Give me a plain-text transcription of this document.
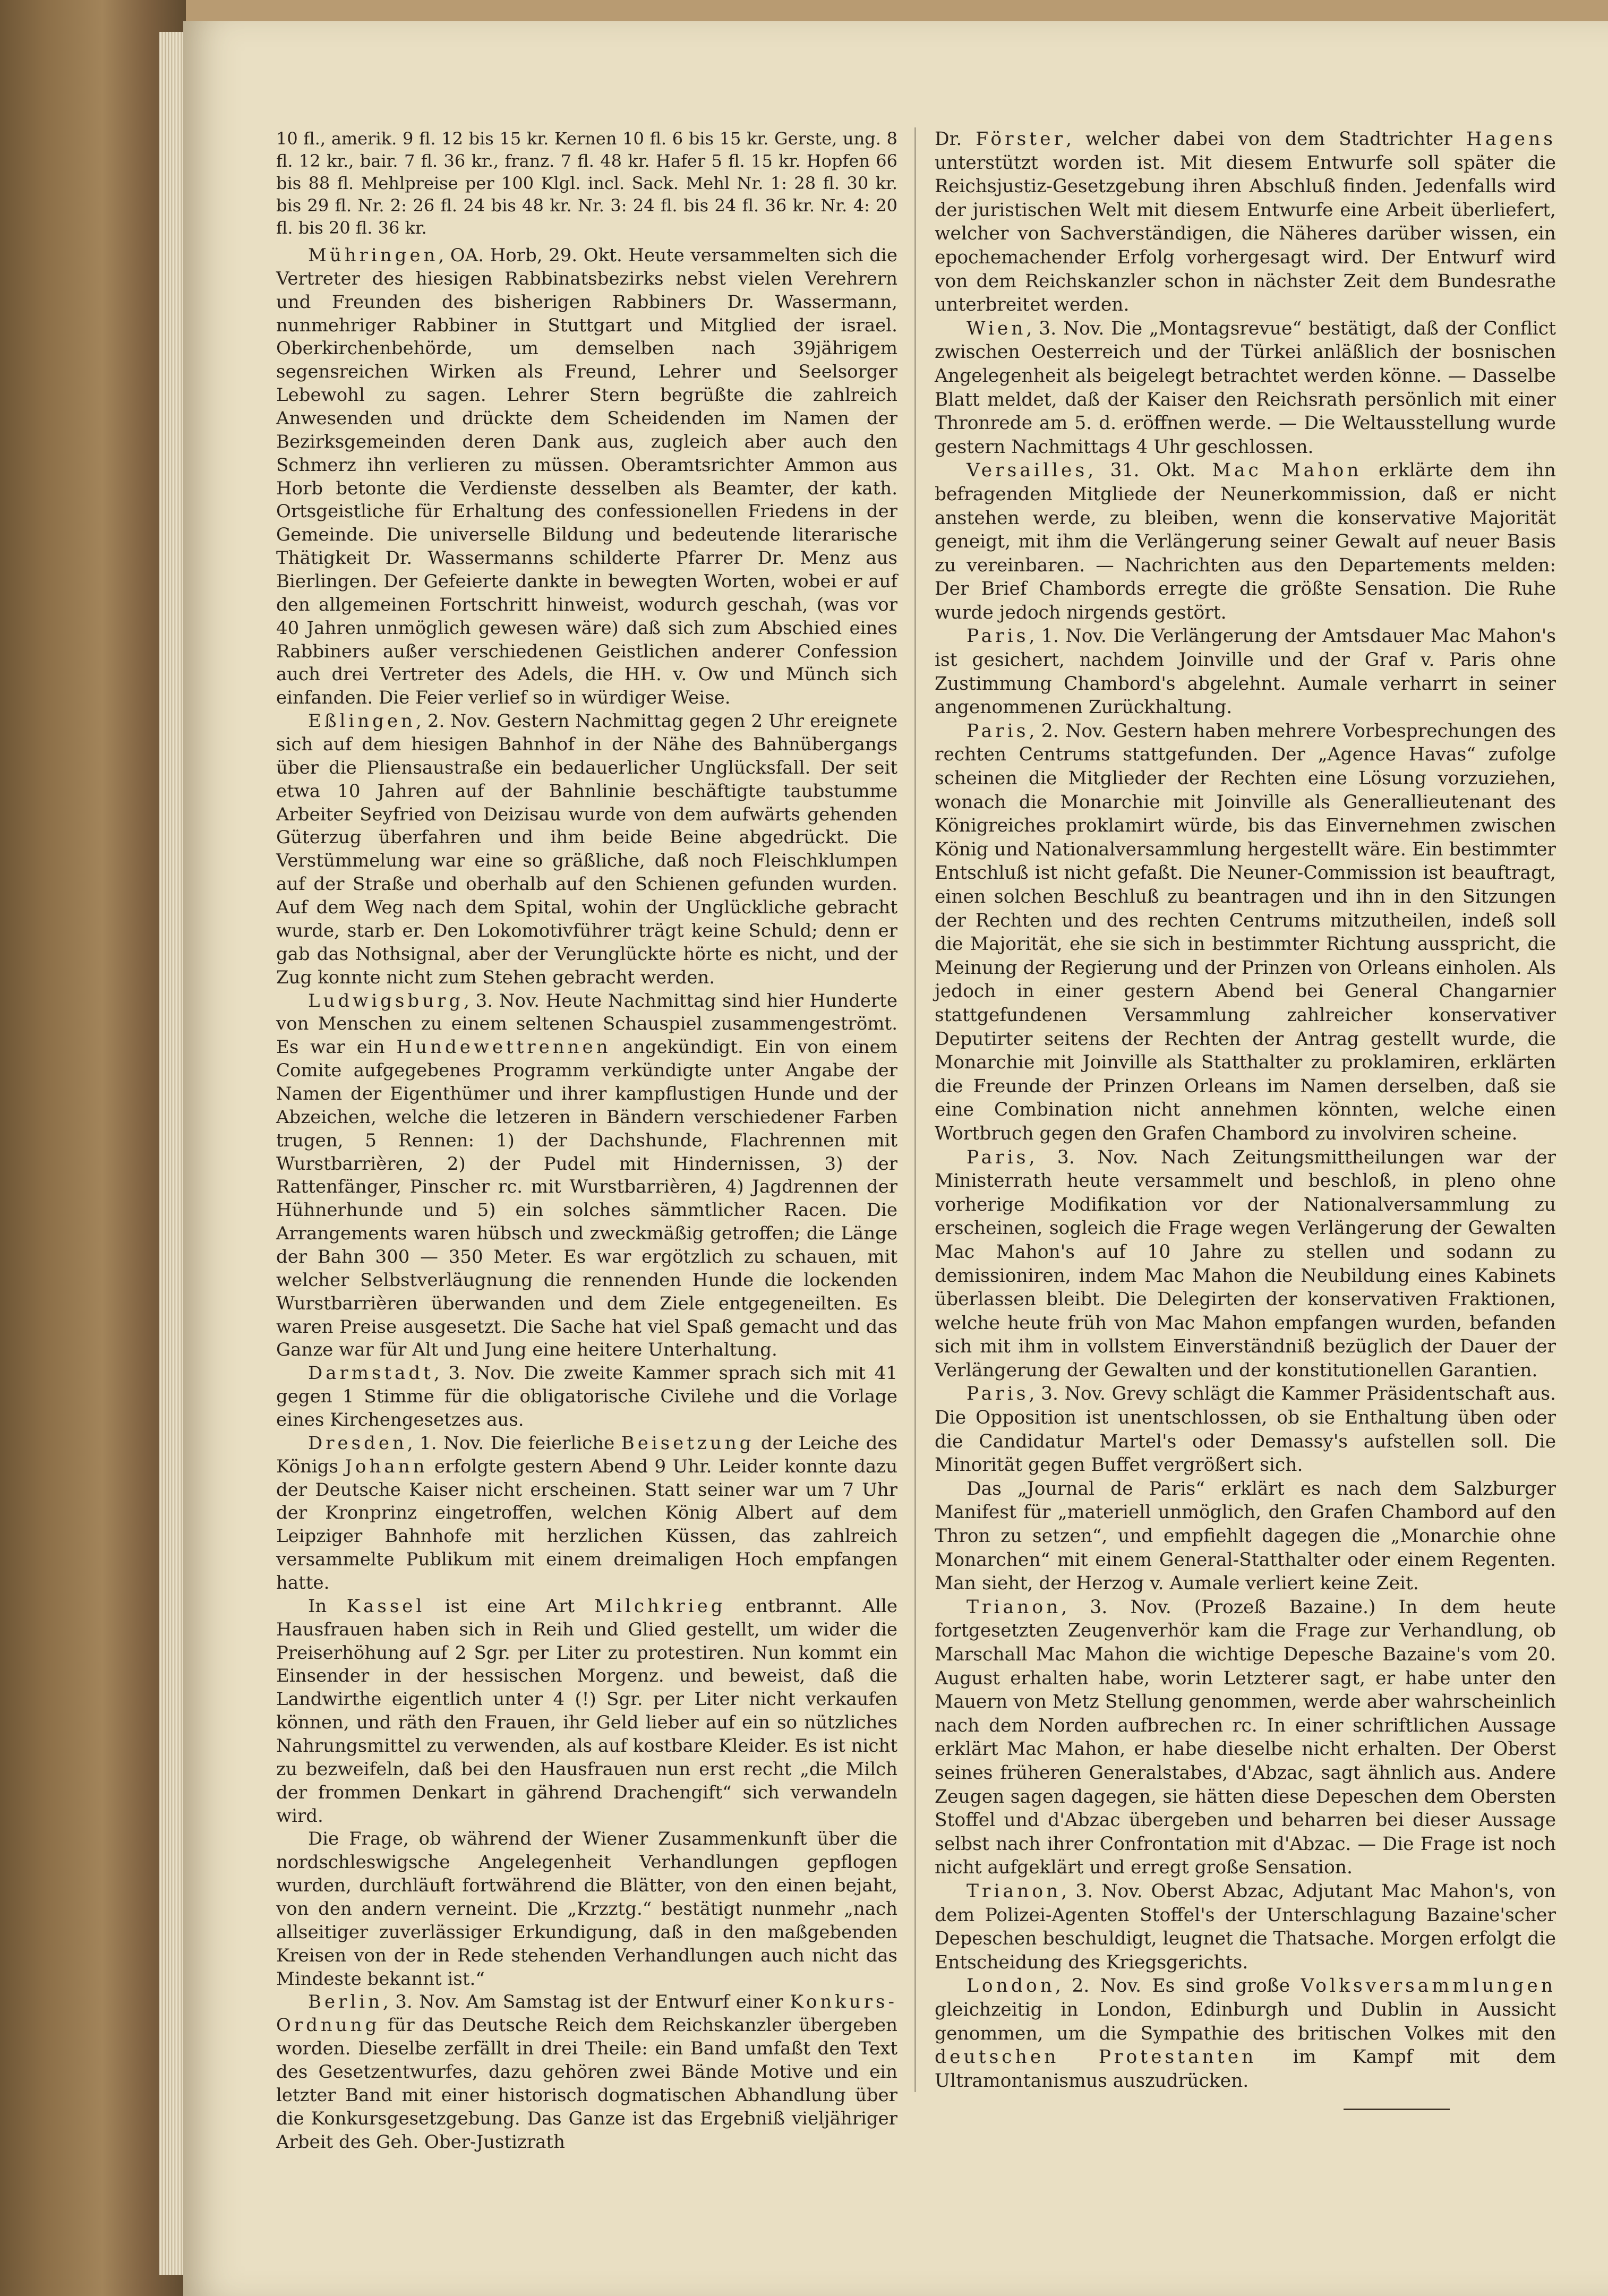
10 fl., amerik. 9 fl. 12 bis 15 kr. Kernen 10 fl. 6 bis 15 kr. Gerste, ung. 8 fl. 12 kr., bair. 7 fl. 36 kr., franz. 7 fl. 48 kr. Hafer 5 fl. 15 kr. Hopfen 66 bis 88 fl. Mehlpreise per 100 Klgl. incl. Sack. Mehl Nr. 1: 28 fl. 30 kr. bis 29 fl. Nr. 2: 26 fl. 24 bis 48 kr. Nr. 3: 24 fl. bis 24 fl. 36 kr. Nr. 4: 20 fl. bis 20 fl. 36 kr.

Mühringen, OA. Horb, 29. Okt. Heute versammelten sich die Vertreter des hiesigen Rabbinatsbezirks nebst vielen Verehrern und Freunden des bisherigen Rabbiners Dr. Wassermann, nunmehriger Rabbiner in Stuttgart und Mitglied der israel. Oberkirchenbehörde, um demselben nach 39jährigem segensreichen Wirken als Freund, Lehrer und Seelsorger Lebewohl zu sagen. Lehrer Stern begrüßte die zahlreich Anwesenden und drückte dem Scheidenden im Namen der Bezirksgemeinden deren Dank aus, zugleich aber auch den Schmerz ihn verlieren zu müssen. Oberamtsrichter Ammon aus Horb betonte die Verdienste desselben als Beamter, der kath. Ortsgeistliche für Erhaltung des confessionellen Friedens in der Gemeinde. Die universelle Bildung und bedeutende literarische Thätigkeit Dr. Wassermanns schilderte Pfarrer Dr. Menz aus Bierlingen. Der Gefeierte dankte in bewegten Worten, wobei er auf den allgemeinen Fortschritt hinweist, wodurch geschah, (was vor 40 Jahren unmöglich gewesen wäre) daß sich zum Abschied eines Rabbiners außer verschiedenen Geistlichen anderer Confession auch drei Vertreter des Adels, die HH. v. Ow und Münch sich einfanden. Die Feier verlief so in würdiger Weise.

Eßlingen, 2. Nov. Gestern Nachmittag gegen 2 Uhr ereignete sich auf dem hiesigen Bahnhof in der Nähe des Bahnübergangs über die Pliensaustraße ein bedauerlicher Unglücksfall. Der seit etwa 10 Jahren auf der Bahnlinie beschäftigte taubstumme Arbeiter Seyfried von Deizisau wurde von dem aufwärts gehenden Güterzug überfahren und ihm beide Beine abgedrückt. Die Verstümmelung war eine so gräßliche, daß noch Fleischklumpen auf der Straße und oberhalb auf den Schienen gefunden wurden. Auf dem Weg nach dem Spital, wohin der Unglückliche gebracht wurde, starb er. Den Lokomotivführer trägt keine Schuld; denn er gab das Nothsignal, aber der Verunglückte hörte es nicht, und der Zug konnte nicht zum Stehen gebracht werden.

Ludwigsburg, 3. Nov. Heute Nachmittag sind hier Hunderte von Menschen zu einem seltenen Schauspiel zusammengeströmt. Es war ein Hundewettrennen angekündigt. Ein von einem Comite aufgegebenes Programm verkündigte unter Angabe der Namen der Eigenthümer und ihrer kampflustigen Hunde und der Abzeichen, welche die letzeren in Bändern verschiedener Farben trugen, 5 Rennen: 1) der Dachshunde, Flachrennen mit Wurstbarrièren, 2) der Pudel mit Hindernissen, 3) der Rattenfänger, Pinscher rc. mit Wurstbarrièren, 4) Jagdrennen der Hühnerhunde und 5) ein solches sämmtlicher Racen. Die Arrangements waren hübsch und zweckmäßig getroffen; die Länge der Bahn 300 — 350 Meter. Es war ergötzlich zu schauen, mit welcher Selbstverläugnung die rennenden Hunde die lockenden Wurstbarrièren überwanden und dem Ziele entgegeneilten. Es waren Preise ausgesetzt. Die Sache hat viel Spaß gemacht und das Ganze war für Alt und Jung eine heitere Unterhaltung.

Darmstadt, 3. Nov. Die zweite Kammer sprach sich mit 41 gegen 1 Stimme für die obligatorische Civilehe und die Vorlage eines Kirchengesetzes aus.

Dresden, 1. Nov. Die feierliche Beisetzung der Leiche des Königs Johann erfolgte gestern Abend 9 Uhr. Leider konnte dazu der Deutsche Kaiser nicht erscheinen. Statt seiner war um 7 Uhr der Kronprinz eingetroffen, welchen König Albert auf dem Leipziger Bahnhofe mit herzlichen Küssen, das zahlreich versammelte Publikum mit einem dreimaligen Hoch empfangen hatte.

In Kassel ist eine Art Milchkrieg entbrannt. Alle Hausfrauen haben sich in Reih und Glied gestellt, um wider die Preiserhöhung auf 2 Sgr. per Liter zu protestiren. Nun kommt ein Einsender in der hessischen Morgenz. und beweist, daß die Landwirthe eigentlich unter 4 (!) Sgr. per Liter nicht verkaufen können, und räth den Frauen, ihr Geld lieber auf ein so nützliches Nahrungsmittel zu verwenden, als auf kostbare Kleider. Es ist nicht zu bezweifeln, daß bei den Hausfrauen nun erst recht „die Milch der frommen Denkart in gährend Drachengift“ sich verwandeln wird.

Die Frage, ob während der Wiener Zusammenkunft über die nordschleswigsche Angelegenheit Verhandlungen gepflogen wurden, durchläuft fortwährend die Blätter, von den einen bejaht, von den andern verneint. Die „Krzztg.“ bestätigt nunmehr „nach allseitiger zuverlässiger Erkundigung, daß in den maßgebenden Kreisen von der in Rede stehenden Verhandlungen auch nicht das Mindeste bekannt ist.“

Berlin, 3. Nov. Am Samstag ist der Entwurf einer Konkurs-Ordnung für das Deutsche Reich dem Reichskanzler übergeben worden. Dieselbe zerfällt in drei Theile: ein Band umfaßt den Text des Gesetzentwurfes, dazu gehören zwei Bände Motive und ein letzter Band mit einer historisch dogmatischen Abhandlung über die Konkursgesetzgebung. Das Ganze ist das Ergebniß vieljähriger Arbeit des Geh. Ober-Justizrath

Dr. Förster, welcher dabei von dem Stadtrichter Hagens unterstützt worden ist. Mit diesem Entwurfe soll später die Reichsjustiz-Gesetzgebung ihren Abschluß finden. Jedenfalls wird der juristischen Welt mit diesem Entwurfe eine Arbeit überliefert, welcher von Sachverständigen, die Näheres darüber wissen, ein epochemachender Erfolg vorhergesagt wird. Der Entwurf wird von dem Reichskanzler schon in nächster Zeit dem Bundesrathe unterbreitet werden.

Wien, 3. Nov. Die „Montagsrevue“ bestätigt, daß der Conflict zwischen Oesterreich und der Türkei anläßlich der bosnischen Angelegenheit als beigelegt betrachtet werden könne. — Dasselbe Blatt meldet, daß der Kaiser den Reichsrath persönlich mit einer Thronrede am 5. d. eröffnen werde. — Die Weltausstellung wurde gestern Nachmittags 4 Uhr geschlossen.

Versailles, 31. Okt. Mac Mahon erklärte dem ihn befragenden Mitgliede der Neunerkommission, daß er nicht anstehen werde, zu bleiben, wenn die konservative Majorität geneigt, mit ihm die Verlängerung seiner Gewalt auf neuer Basis zu vereinbaren. — Nachrichten aus den Departements melden: Der Brief Chambords erregte die größte Sensation. Die Ruhe wurde jedoch nirgends gestört.

Paris, 1. Nov. Die Verlängerung der Amtsdauer Mac Mahon's ist gesichert, nachdem Joinville und der Graf v. Paris ohne Zustimmung Chambord's abgelehnt. Aumale verharrt in seiner angenommenen Zurückhaltung.

Paris, 2. Nov. Gestern haben mehrere Vorbesprechungen des rechten Centrums stattgefunden. Der „Agence Havas“ zufolge scheinen die Mitglieder der Rechten eine Lösung vorzuziehen, wonach die Monarchie mit Joinville als Generallieutenant des Königreiches proklamirt würde, bis das Einvernehmen zwischen König und Nationalversammlung hergestellt wäre. Ein bestimmter Entschluß ist nicht gefaßt. Die Neuner-Commission ist beauftragt, einen solchen Beschluß zu beantragen und ihn in den Sitzungen der Rechten und des rechten Centrums mitzutheilen, indeß soll die Majorität, ehe sie sich in bestimmter Richtung ausspricht, die Meinung der Regierung und der Prinzen von Orleans einholen. Als jedoch in einer gestern Abend bei General Changarnier stattgefundenen Versammlung zahlreicher konservativer Deputirter seitens der Rechten der Antrag gestellt wurde, die Monarchie mit Joinville als Statthalter zu proklamiren, erklärten die Freunde der Prinzen Orleans im Namen derselben, daß sie eine Combination nicht annehmen könnten, welche einen Wortbruch gegen den Grafen Chambord zu involviren scheine.

Paris, 3. Nov. Nach Zeitungsmittheilungen war der Ministerrath heute versammelt und beschloß, in pleno ohne vorherige Modifikation vor der Nationalversammlung zu erscheinen, sogleich die Frage wegen Verlängerung der Gewalten Mac Mahon's auf 10 Jahre zu stellen und sodann zu demissioniren, indem Mac Mahon die Neubildung eines Kabinets überlassen bleibt. Die Delegirten der konservativen Fraktionen, welche heute früh von Mac Mahon empfangen wurden, befanden sich mit ihm in vollstem Einverständniß bezüglich der Dauer der Verlängerung der Gewalten und der konstitutionellen Garantien.

Paris, 3. Nov. Grevy schlägt die Kammer Präsidentschaft aus. Die Opposition ist unentschlossen, ob sie Enthaltung üben oder die Candidatur Martel's oder Demassy's aufstellen soll. Die Minorität gegen Buffet vergrößert sich.

Das „Journal de Paris“ erklärt es nach dem Salzburger Manifest für „materiell unmöglich, den Grafen Chambord auf den Thron zu setzen“, und empfiehlt dagegen die „Monarchie ohne Monarchen“ mit einem General-Statthalter oder einem Regenten. Man sieht, der Herzog v. Aumale verliert keine Zeit.

Trianon, 3. Nov. (Prozeß Bazaine.) In dem heute fortgesetzten Zeugenverhör kam die Frage zur Verhandlung, ob Marschall Mac Mahon die wichtige Depesche Bazaine's vom 20. August erhalten habe, worin Letzterer sagt, er habe unter den Mauern von Metz Stellung genommen, werde aber wahrscheinlich nach dem Norden aufbrechen rc. In einer schriftlichen Aussage erklärt Mac Mahon, er habe dieselbe nicht erhalten. Der Oberst seines früheren Generalstabes, d'Abzac, sagt ähnlich aus. Andere Zeugen sagen dagegen, sie hätten diese Depeschen dem Obersten Stoffel und d'Abzac übergeben und beharren bei dieser Aussage selbst nach ihrer Confrontation mit d'Abzac. — Die Frage ist noch nicht aufgeklärt und erregt große Sensation.

Trianon, 3. Nov. Oberst Abzac, Adjutant Mac Mahon's, von dem Polizei-Agenten Stoffel's der Unterschlagung Bazaine'scher Depeschen beschuldigt, leugnet die Thatsache. Morgen erfolgt die Entscheidung des Kriegsgerichts.

London, 2. Nov. Es sind große Volksversammlungen gleichzeitig in London, Edinburgh und Dublin in Aussicht genommen, um die Sympathie des britischen Volkes mit den deutschen Protestanten im Kampf mit dem Ultramontanismus auszudrücken.
